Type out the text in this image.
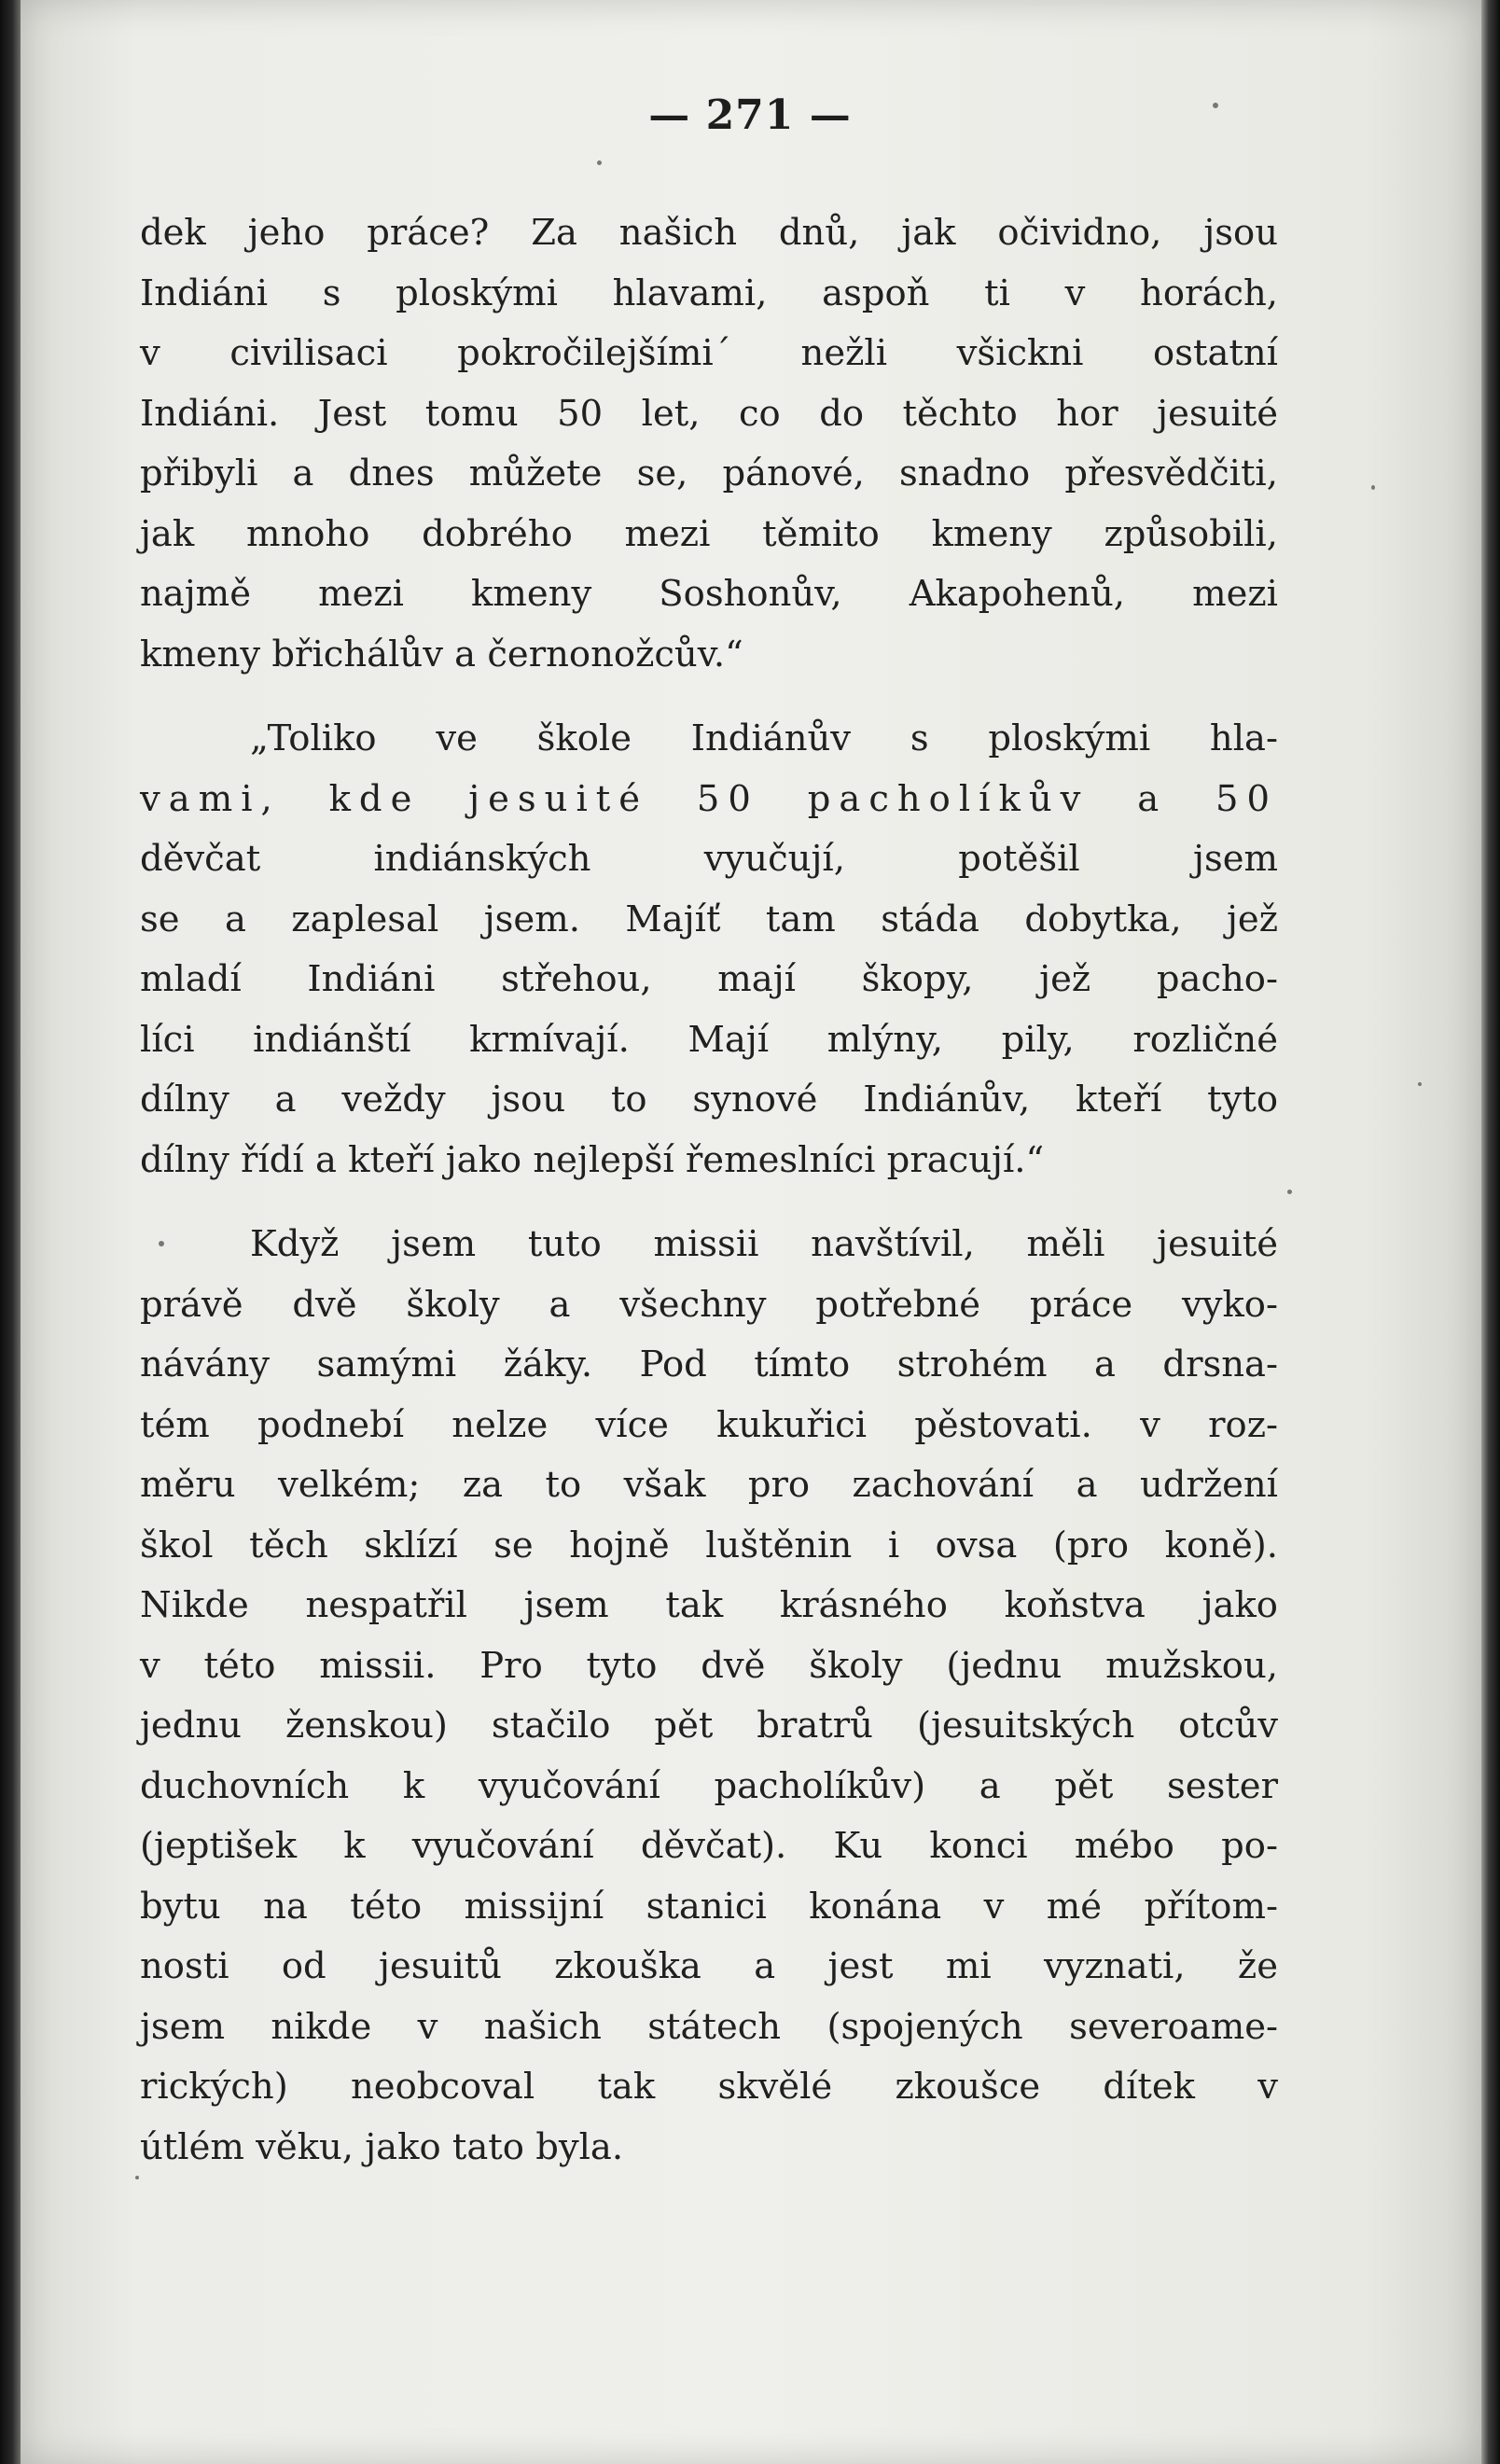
— 271 —
dek jeho práce? Za našich dnů, jak očividno, jsou
Indiáni s ploskými hlavami, aspoň ti v horách,
v civilisaci pokročilejšími´ nežli všickni ostatní
Indiáni. Jest tomu 50 let, co do těchto hor jesuité
přibyli a dnes můžete se, pánové, snadno přesvědčiti,
jak mnoho dobrého mezi těmito kmeny způsobili,
najmě mezi kmeny Soshonův, Akapohenů, mezi
kmeny břichálův a černonožcův.“
„Toliko ve škole Indiánův s ploskými hla-
vami, kde jesuité 50 pacholíkův a 50
děvčat indiánských vyučují, potěšil jsem
se a zaplesal jsem. Majíť tam stáda dobytka, jež
mladí Indiáni střehou, mají škopy, jež pacho-
líci indiánští krmívají. Mají mlýny, pily, rozličné
dílny a veždy jsou to synové Indiánův, kteří tyto
dílny řídí a kteří jako nejlepší řemeslníci pracují.“
Když jsem tuto missii navštívil, měli jesuité
právě dvě školy a všechny potřebné práce vyko-
návány samými žáky. Pod tímto strohém a drsna-
tém podnebí nelze více kukuřici pěstovati. v roz-
měru velkém; za to však pro zachování a udržení
škol těch sklízí se hojně luštěnin i ovsa (pro koně).
Nikde nespatřil jsem tak krásného koňstva jako
v této missii. Pro tyto dvě školy (jednu mužskou,
jednu ženskou) stačilo pět bratrů (jesuitských otcův
duchovních k vyučování pacholíkův) a pět sester
(jeptišek k vyučování děvčat). Ku konci mébo po-
bytu na této missijní stanici konána v mé přítom-
nosti od jesuitů zkouška a jest mi vyznati, že
jsem nikde v našich státech (spojených severoame-
rických) neobcoval tak skvělé zkoušce dítek v
útlém věku, jako tato byla.
